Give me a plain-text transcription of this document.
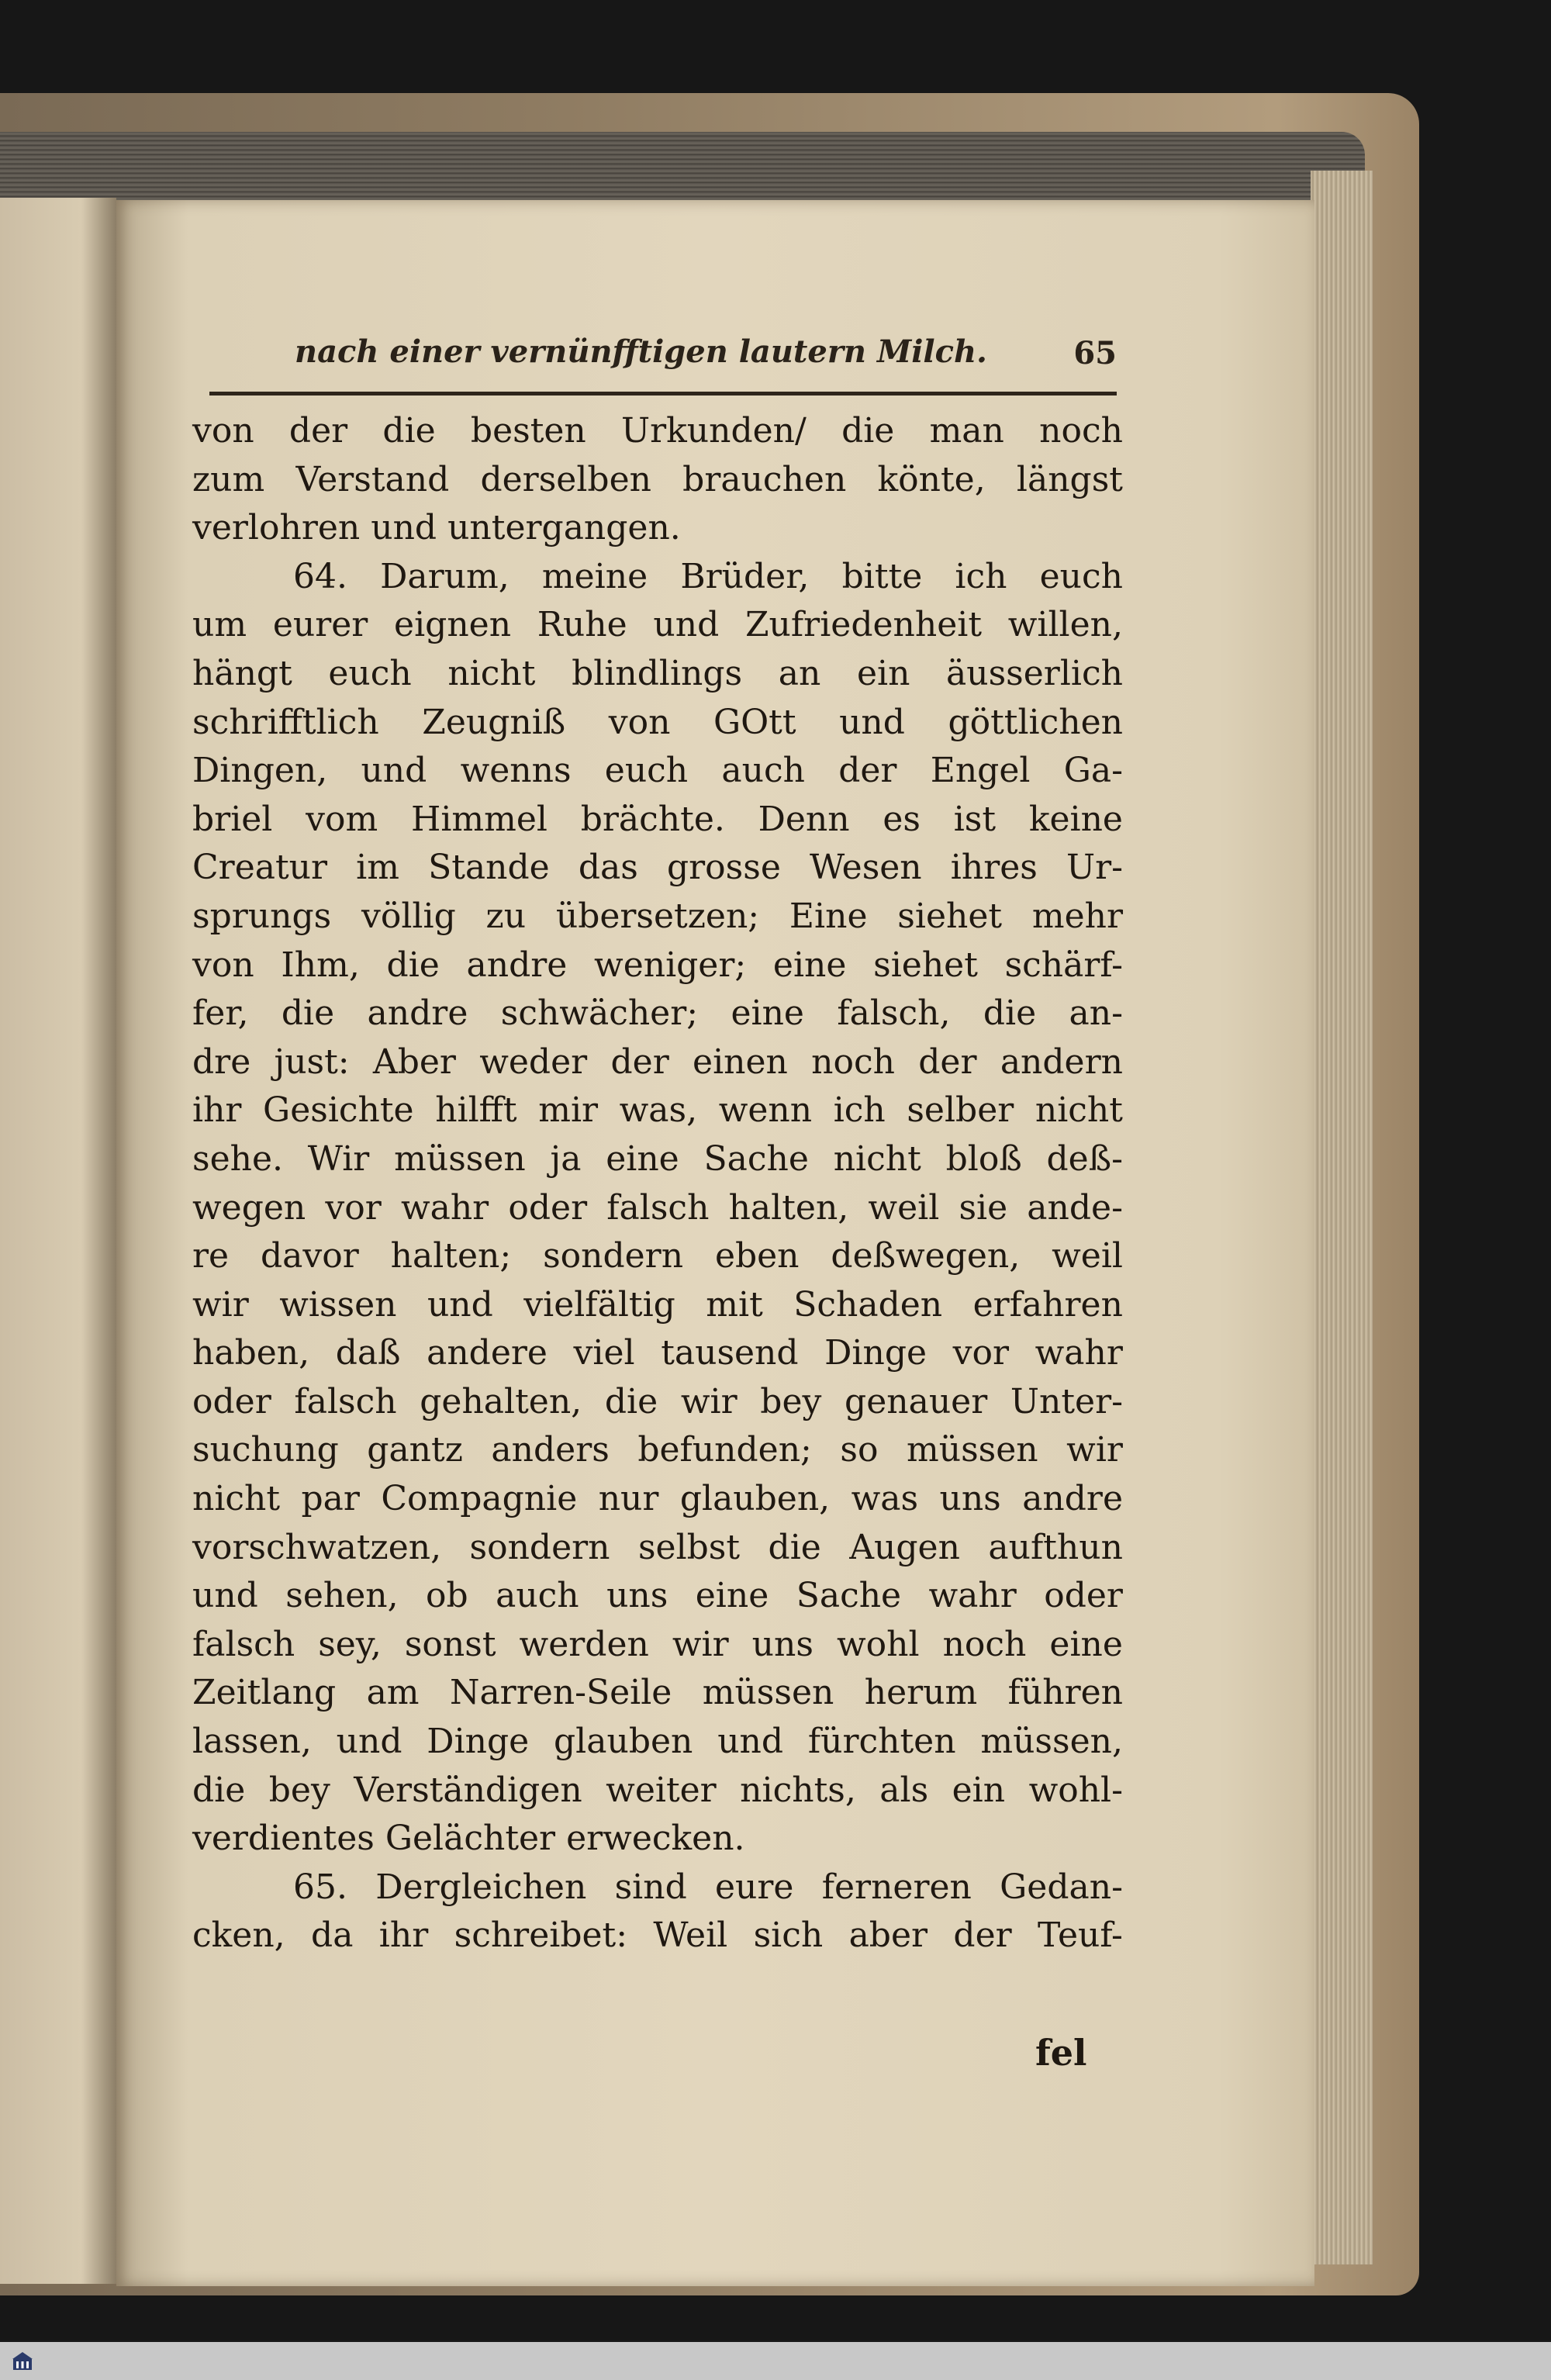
nach einer vernünfftigen lautern Milch.	65
von der die besten Urkunden/ die man noch
zum Verstand derselben brauchen könte, längst
verlohren und untergangen.
64. Darum, meine Brüder, bitte ich euch
um eurer eignen Ruhe und Zufriedenheit willen,
hängt euch nicht blindlings an ein äusserlich
schrifftlich Zeugniß von GOtt und göttlichen
Dingen, und wenns euch auch der Engel Ga-
briel vom Himmel brächte. Denn es ist keine
Creatur im Stande das grosse Wesen ihres Ur-
sprungs völlig zu übersetzen; Eine siehet mehr
von Ihm, die andre weniger; eine siehet schärf-
fer, die andre schwächer; eine falsch, die an-
dre just: Aber weder der einen noch der andern
ihr Gesichte hilfft mir was, wenn ich selber nicht
sehe. Wir müssen ja eine Sache nicht bloß deß-
wegen vor wahr oder falsch halten, weil sie ande-
re davor halten; sondern eben deßwegen, weil
wir wissen und vielfältig mit Schaden erfahren
haben, daß andere viel tausend Dinge vor wahr
oder falsch gehalten, die wir bey genauer Unter-
suchung gantz anders befunden; so müssen wir
nicht par Compagnie nur glauben, was uns andre
vorschwatzen, sondern selbst die Augen aufthun
und sehen, ob auch uns eine Sache wahr oder
falsch sey, sonst werden wir uns wohl noch eine
Zeitlang am Narren-Seile müssen herum führen
lassen, und Dinge glauben und fürchten müssen,
die bey Verständigen weiter nichts, als ein wohl-
verdientes Gelächter erwecken.
65. Dergleichen sind eure ferneren Gedan-
cken, da ihr schreibet: Weil sich aber der Teuf-
fel
